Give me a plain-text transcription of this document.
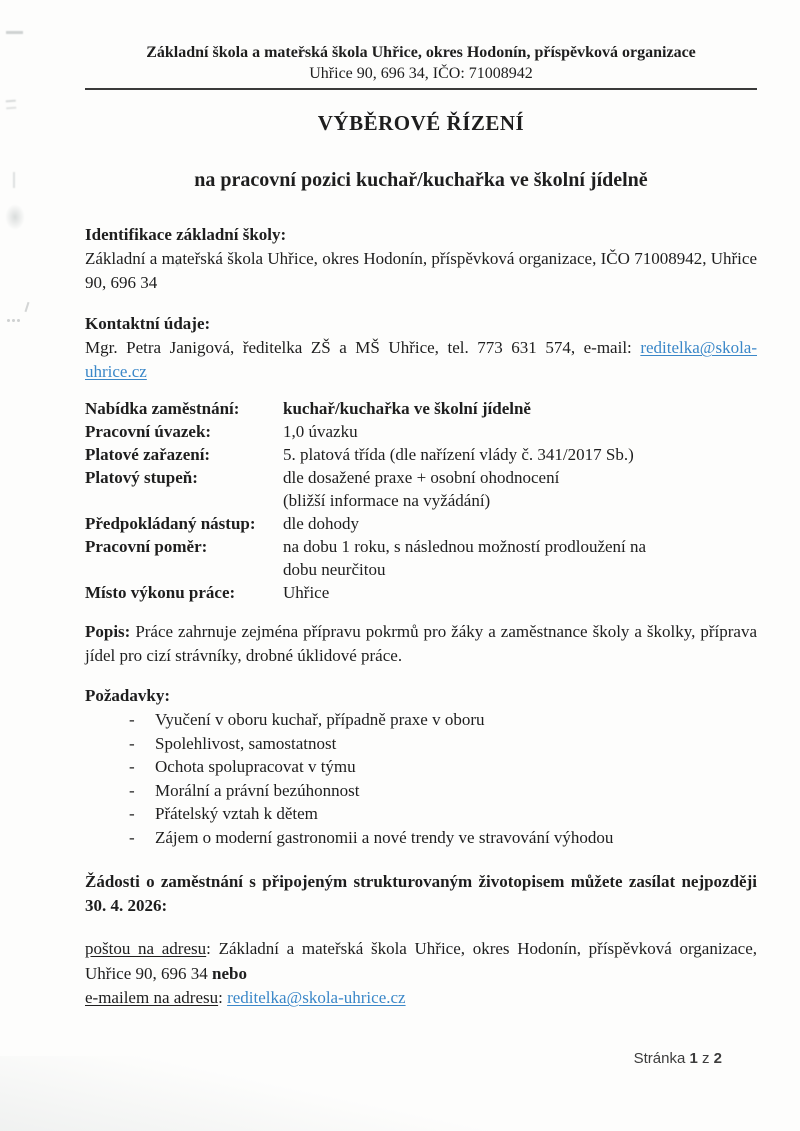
Základní škola a mateřská škola Uhřice, okres Hodonín, příspěvková organizace
Uhřice 90, 696 34, IČO: 71008942
VÝBĚROVÉ ŘÍZENÍ
na pracovní pozici kuchař/kuchařka ve školní jídelně
Identifikace základní školy:
Základní a mateřská škola Uhřice, okres Hodonín, příspěvková organizace, IČO 71008942, Uhřice 90, 696 34
Kontaktní údaje:
Mgr. Petra Janigová, ředitelka ZŠ a MŠ Uhřice, tel. 773 631 574, e-mail: reditelka@skola-uhrice.cz
Nabídka zaměstnání:	kuchař/kuchařka ve školní jídelně
Pracovní úvazek:	1,0 úvazku
Platové zařazení:	5. platová třída (dle nařízení vlády č. 341/2017 Sb.)
Platový stupeň:	dle dosažené praxe + osobní ohodnocení
(bližší informace na vyžádání)
Předpokládaný nástup:	dle dohody
Pracovní poměr:	na dobu 1 roku, s následnou možností prodloužení na
dobu neurčitou
Místo výkonu práce:	Uhřice
Popis: Práce zahrnuje zejména přípravu pokrmů pro žáky a zaměstnance školy a školky, příprava jídel pro cizí strávníky, drobné úklidové práce.
Požadavky:
-	Vyučení v oboru kuchař, případně praxe v oboru
-	Spolehlivost, samostatnost
-	Ochota spolupracovat v týmu
-	Morální a právní bezúhonnost
-	Přátelský vztah k dětem
-	Zájem o moderní gastronomii a nové trendy ve stravování výhodou
Žádosti o zaměstnání s připojeným strukturovaným životopisem můžete zasílat nejpozději 30. 4. 2026:
poštou na adresu: Základní a mateřská škola Uhřice, okres Hodonín, příspěvková organizace, Uhřice 90, 696 34 nebo
e-mailem na adresu: reditelka@skola-uhrice.cz
Stránka 1 z 2
